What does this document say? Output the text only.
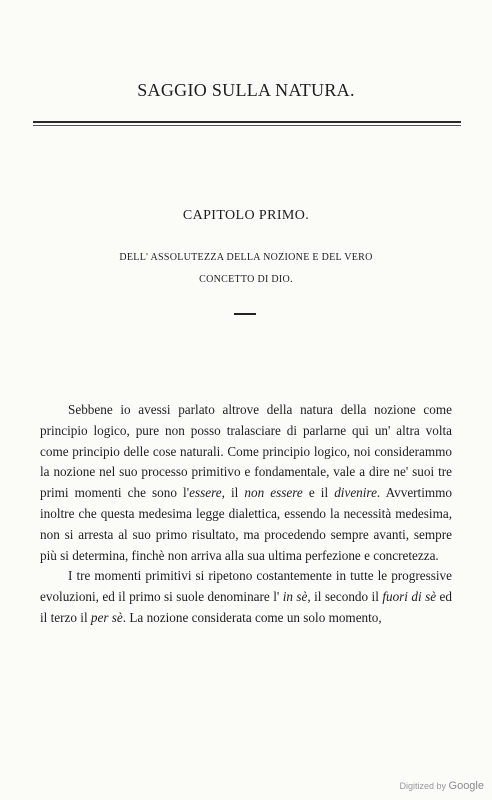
SAGGIO SULLA NATURA.
CAPITOLO PRIMO.
DELL' ASSOLUTEZZA DELLA NOZIONE E DEL VERO
CONCETTO DI DIO.

Sebbene io avessi parlato altrove della natura della nozione come principio logico, pure non posso tralasciare di parlarne qui un' altra volta come principio delle cose naturali. Come principio logico, noi considerammo la nozione nel suo processo primitivo e fondamentale, vale a dire ne' suoi tre primi momenti che sono l'essere, il non essere e il divenire. Avvertimmo inoltre che questa medesima legge dialettica, essendo la necessità medesima, non si arresta al suo primo risultato, ma procedendo sempre avanti, sempre più si determina, finchè non arriva alla sua ultima perfezione e concretezza.

I tre momenti primitivi si ripetono costantemente in tutte le progressive evoluzioni, ed il primo si suole denominare l' in sè, il secondo il fuori di sè ed il terzo il per sè. La nozione considerata come un solo momento,

Digitized by Google
